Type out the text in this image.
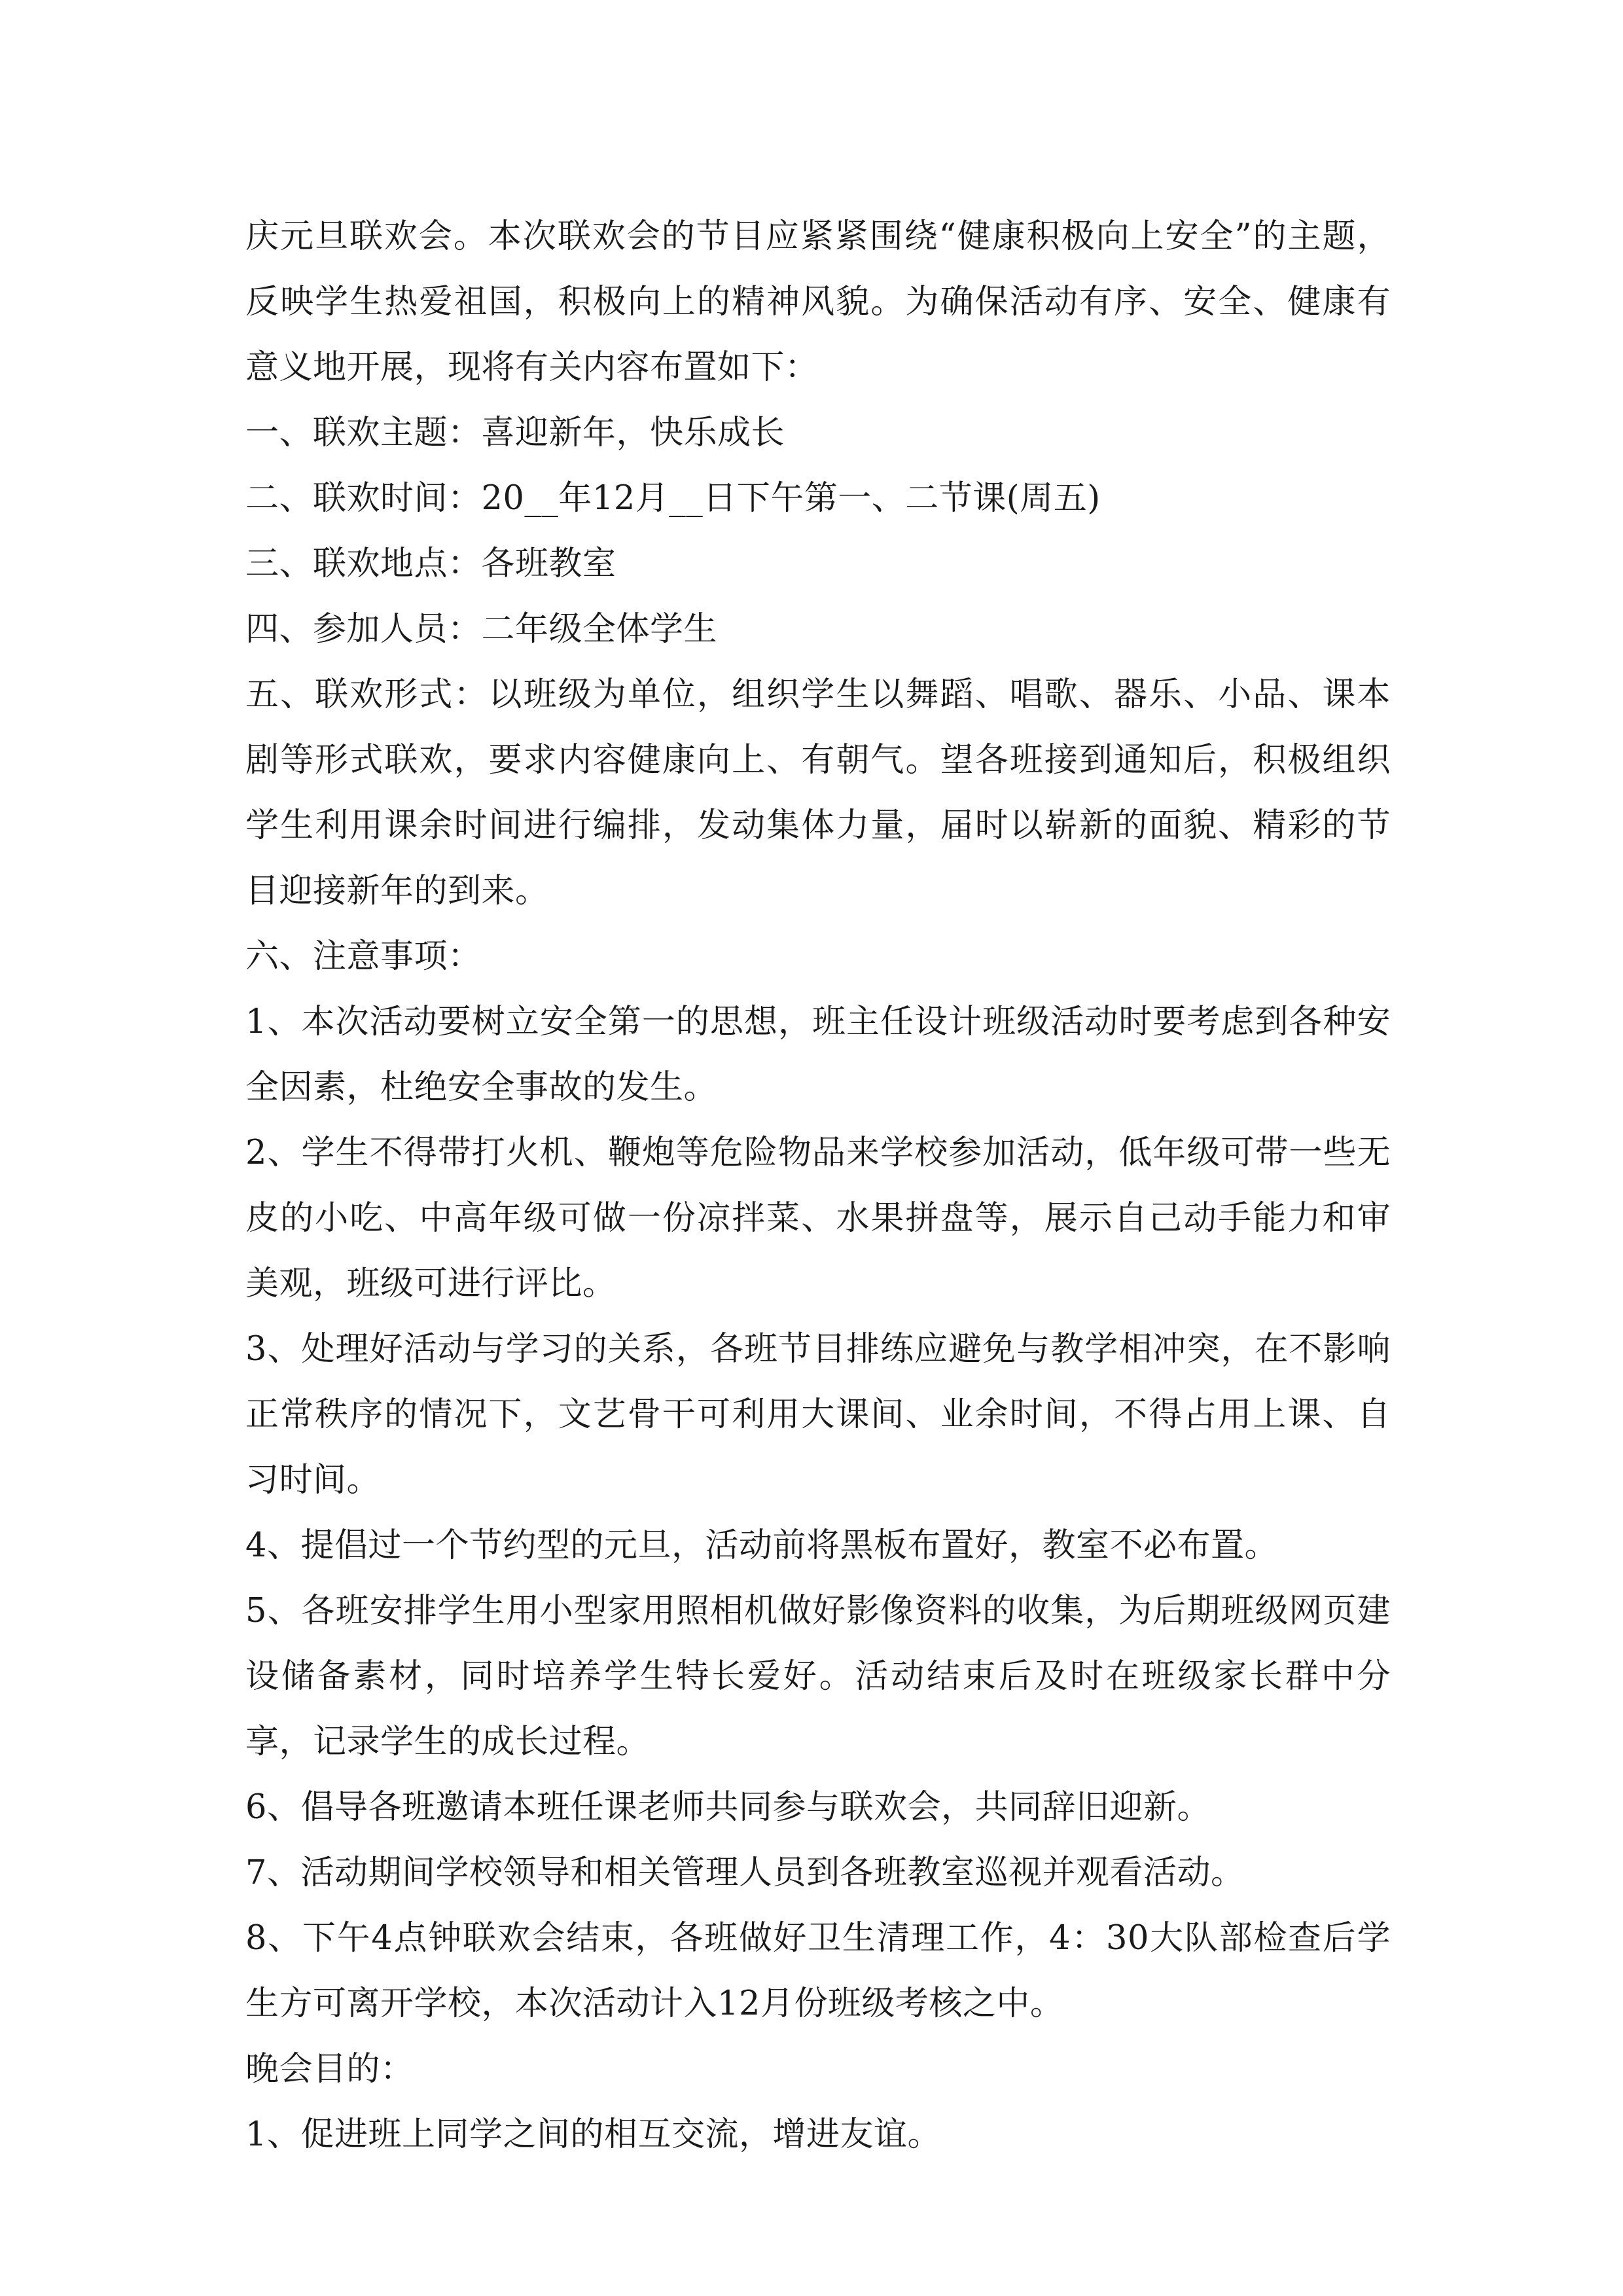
庆元旦联欢会。本次联欢会的节目应紧紧围绕“健康积极向上安全”的主题，反映学生热爱祖国，积极向上的精神风貌。为确保活动有序、安全、健康有意义地开展，现将有关内容布置如下：

一、联欢主题：喜迎新年，快乐成长

二、联欢时间：20__年12月__日下午第一、二节课(周五)

三、联欢地点：各班教室

四、参加人员：二年级全体学生

五、联欢形式：以班级为单位，组织学生以舞蹈、唱歌、器乐、小品、课本剧等形式联欢，要求内容健康向上、有朝气。望各班接到通知后，积极组织学生利用课余时间进行编排，发动集体力量，届时以崭新的面貌、精彩的节目迎接新年的到来。

六、注意事项：

1、本次活动要树立安全第一的思想，班主任设计班级活动时要考虑到各种安全因素，杜绝安全事故的发生。

2、学生不得带打火机、鞭炮等危险物品来学校参加活动，低年级可带一些无皮的小吃、中高年级可做一份凉拌菜、水果拼盘等，展示自己动手能力和审美观，班级可进行评比。

3、处理好活动与学习的关系，各班节目排练应避免与教学相冲突，在不影响正常秩序的情况下，文艺骨干可利用大课间、业余时间，不得占用上课、自习时间。

4、提倡过一个节约型的元旦，活动前将黑板布置好，教室不必布置。

5、各班安排学生用小型家用照相机做好影像资料的收集，为后期班级网页建设储备素材，同时培养学生特长爱好。活动结束后及时在班级家长群中分享，记录学生的成长过程。

6、倡导各班邀请本班任课老师共同参与联欢会，共同辞旧迎新。

7、活动期间学校领导和相关管理人员到各班教室巡视并观看活动。

8、下午4点钟联欢会结束，各班做好卫生清理工作，4：30大队部检查后学生方可离开学校，本次活动计入12月份班级考核之中。

晚会目的：

1、促进班上同学之间的相互交流，增进友谊。
